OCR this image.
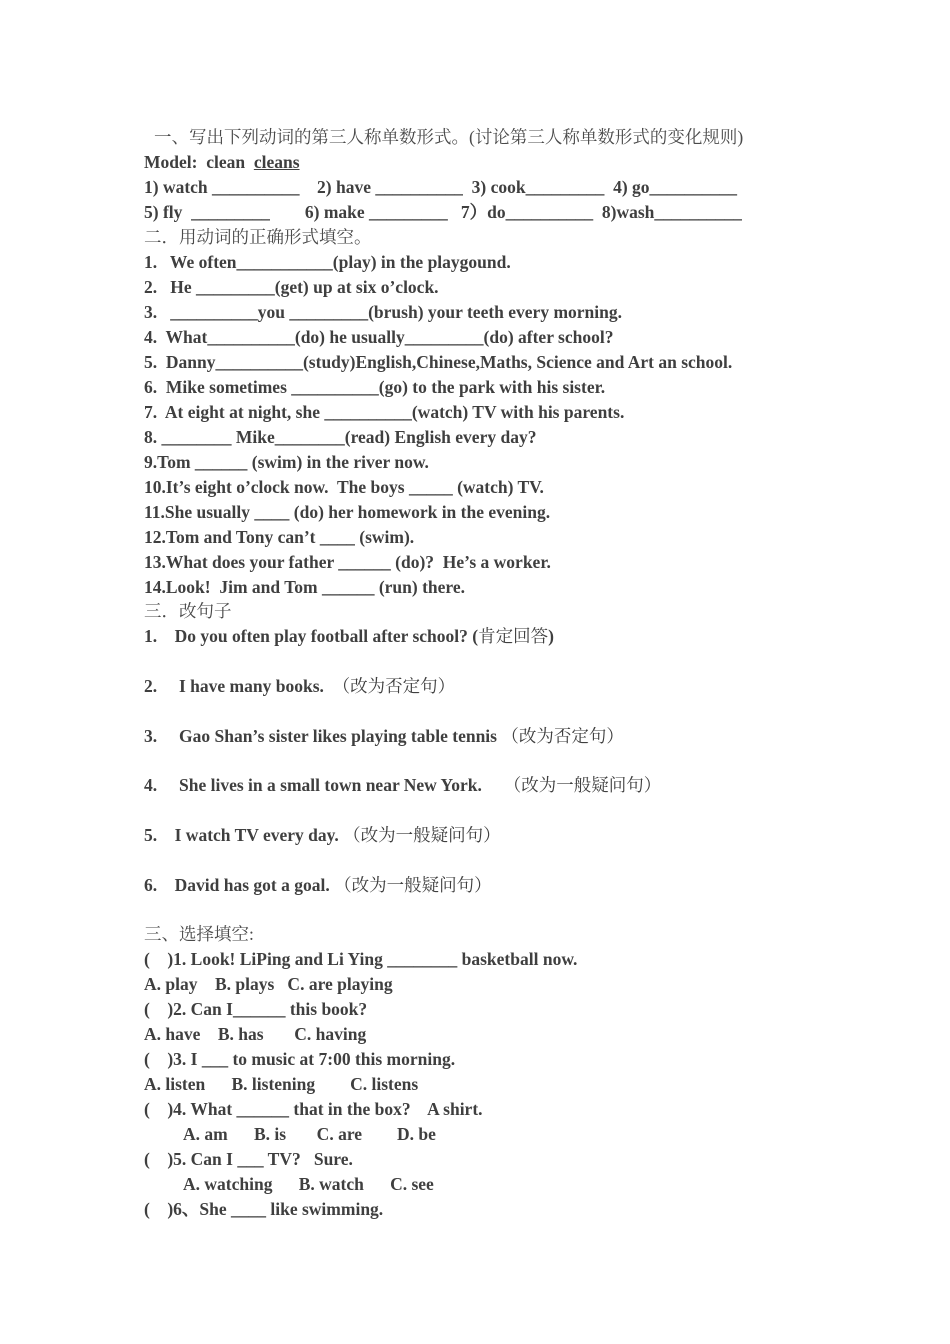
一、写出下列动词的第三人称单数形式。(讨论第三人称单数形式的变化规则)
Model:  clean  cleans
1) watch __________    2) have __________  3) cook_________  4) go__________
5) fly  _________        6) make _________   7）do__________  8)wash__________
二．用动词的正确形式填空。
1.   We often___________(play) in the playgound.
2.   He _________(get) up at six o’clock.
3.   __________you _________(brush) your teeth every morning.
4.  What__________(do) he usually_________(do) after school?
5.  Danny__________(study)English,Chinese,Maths, Science and Art an school.
6.  Mike sometimes __________(go) to the park with his sister.
7.  At eight at night, she __________(watch) TV with his parents.
8. ________ Mike________(read) English every day?
9.Tom ______ (swim) in the river now.
10.It’s eight o’clock now.  The boys _____ (watch) TV.
11.She usually ____ (do) her homework in the evening.
12.Tom and Tony can’t ____ (swim).
13.What does your father ______ (do)?  He’s a worker.
14.Look!  Jim and Tom ______ (run) there.
三．改句子
1.    Do you often play football after school? (肯定回答)
2.     I have many books.  （改为否定句）
3.     Gao Shan’s sister likes playing table tennis （改为否定句）
4.     She lives in a small town near New York.     （改为一般疑问句）
5.    I watch TV every day. （改为一般疑问句）
6.    David has got a goal. （改为一般疑问句）
三、选择填空:
(    )1. Look! LiPing and Li Ying ________ basketball now.
A. play    B. plays   C. are playing
(    )2. Can I______ this book?
A. have    B. has       C. having
(    )3. I ___ to music at 7:00 this morning.
A. listen      B. listening        C. listens
(    )4. What ______ that in the box?    A shirt.
A. am      B. is       C. are        D. be
(    )5. Can I ___ TV?   Sure.
A. watching      B. watch      C. see
(    )6、She ____ like swimming.
